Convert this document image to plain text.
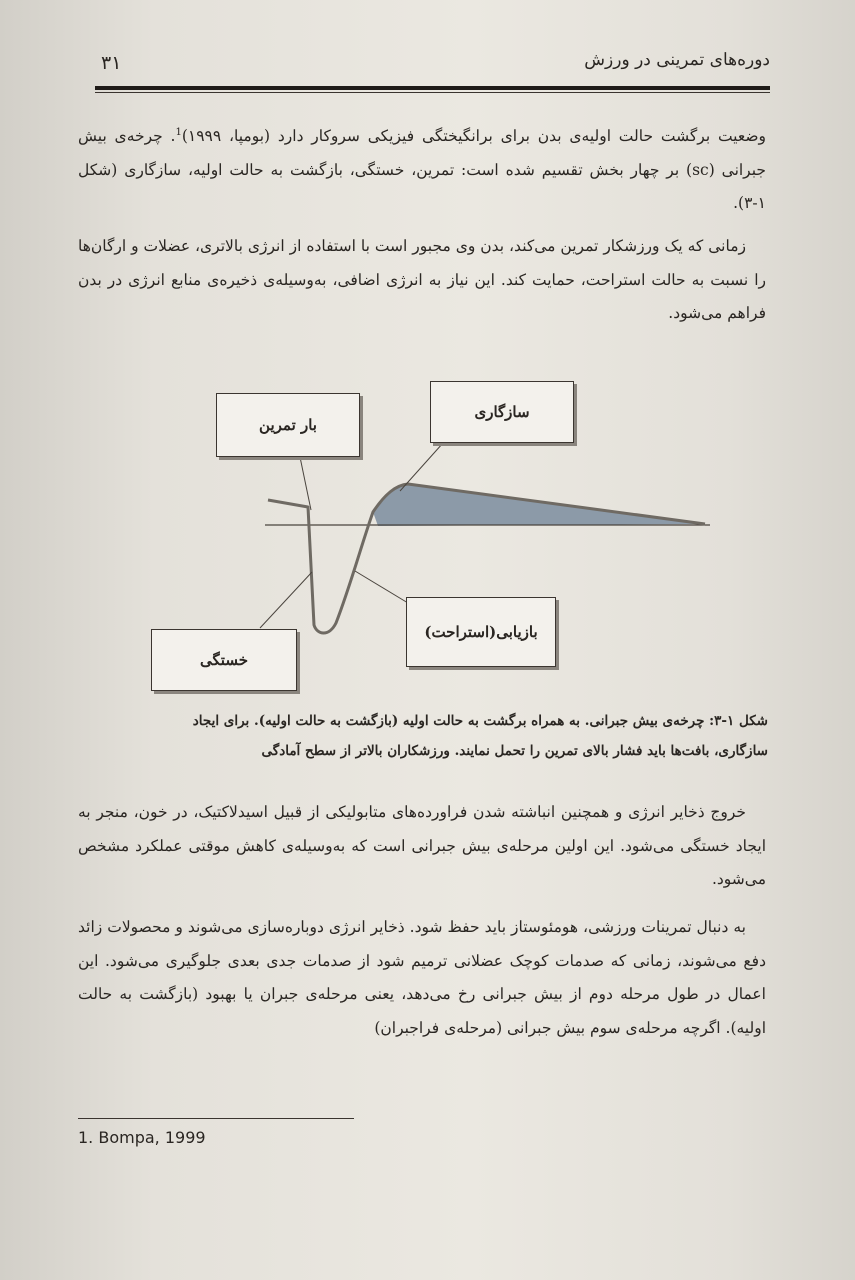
۳۱	دوره‌های تمرینی در ورزش
وضعیت برگشت حالت اولیه‌ی بدن برای برانگیختگی فیزیکی سروکار دارد (بومپا، ۱۹۹۹)$^1$. چرخه‌ی بیش جبرانی (sc) بر چهار بخش تقسیم شده است: تمرین، خستگی، بازگشت به حالت اولیه، سازگاری (شکل ۱-۳).
زمانی که یک ورزشکار تمرین می‌کند، بدن وی مجبور است با استفاده از انرژی بالاتری، عضلات و ارگان‌ها را نسبت به حالت استراحت، حمایت کند. این نیاز به انرژی اضافی، به‌وسیله‌ی ذخیره‌ی منابع انرژی در بدن فراهم می‌شود.
بار تمرین
سازگاری
بازیابی(استراحت)
خستگی
شکل ۱-۳: چرخه‌ی بیش جبرانی. به همراه برگشت به حالت اولیه (بازگشت به حالت اولیه). برای ایجاد
سازگاری، بافت‌ها باید فشار بالای تمرین را تحمل نمایند. ورزشکاران بالاتر از سطح آمادگی
خروج ذخایر انرژی و همچنین انباشته شدن فراورده‌های متابولیکی از قبیل اسیدلاکتیک، در خون، منجر به ایجاد خستگی می‌شود. این اولین مرحله‌ی بیش جبرانی است که به‌وسیله‌ی کاهش موقتی عملکرد مشخص می‌شود.
به دنبال تمرینات ورزشی، هومئوستاز باید حفظ شود. ذخایر انرژی دوباره‌سازی می‌شوند و محصولات زائد دفع می‌شوند، زمانی که صدمات کوچک عضلانی ترمیم شود از صدمات جدی بعدی جلوگیری می‌شود. این اعمال در طول مرحله دوم از بیش جبرانی رخ می‌دهد، یعنی مرحله‌ی جبران یا بهبود (بازگشت به حالت اولیه). اگرچه مرحله‌ی سوم بیش جبرانی (مرحله‌ی فراجبران)
1. Bompa, 1999
